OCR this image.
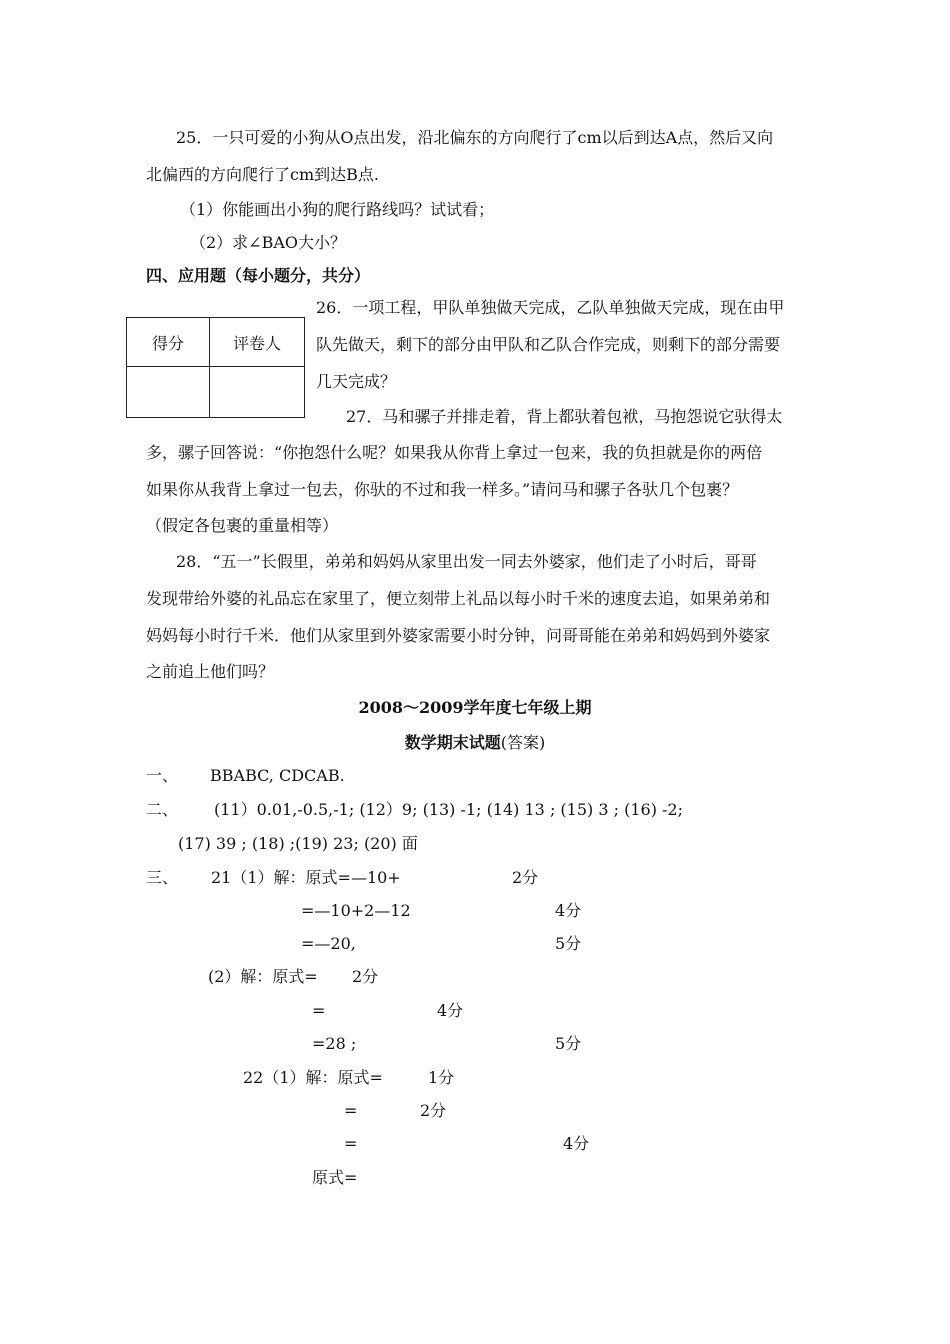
25．一只可爱的小狗从O点出发，沿北偏东的方向爬行了cm以后到达A点，然后又向
北偏西的方向爬行了cm到达B点.
（1）你能画出小狗的爬行路线吗？试试看；
（2）求∠BAO大小？
四、应用题（每小题分，共分）
得分	评卷人

26．一项工程，甲队单独做天完成，乙队单独做天完成，现在由甲
队先做天，剩下的部分由甲队和乙队合作完成，则剩下的部分需要
几天完成？
27．马和骡子并排走着，背上都驮着包袱，马抱怨说它驮得太
多，骡子回答说：“你抱怨什么呢？如果我从你背上拿过一包来，我的负担就是你的两倍
如果你从我背上拿过一包去，你驮的不过和我一样多。”请问马和骡子各驮几个包裹？
（假定各包裹的重量相等）
28．“五一”长假里，弟弟和妈妈从家里出发一同去外婆家，他们走了小时后，哥哥
发现带给外婆的礼品忘在家里了，便立刻带上礼品以每小时千米的速度去追，如果弟弟和
妈妈每小时行千米．他们从家里到外婆家需要小时分钟，问哥哥能在弟弟和妈妈到外婆家
之前追上他们吗？
2008～2009学年度七年级上期
数学期末试题(答案)
一、 BBABC, CDCAB.
二、 (11）0.01,-0.5,-1; (12）9; (13) -1; (14) 13 ; (15) 3 ; (16) -2;
(17) 39 ; (18) ;(19) 23; (20) 面
三、 21（1）解：原式=—10+	2分
=—10+2—12	4分
=—20,	5分
(2）解：原式= 2分
=	4分
=28 ;	5分
22（1）解：原式=	1分
=	2分
=	4分
原式=
